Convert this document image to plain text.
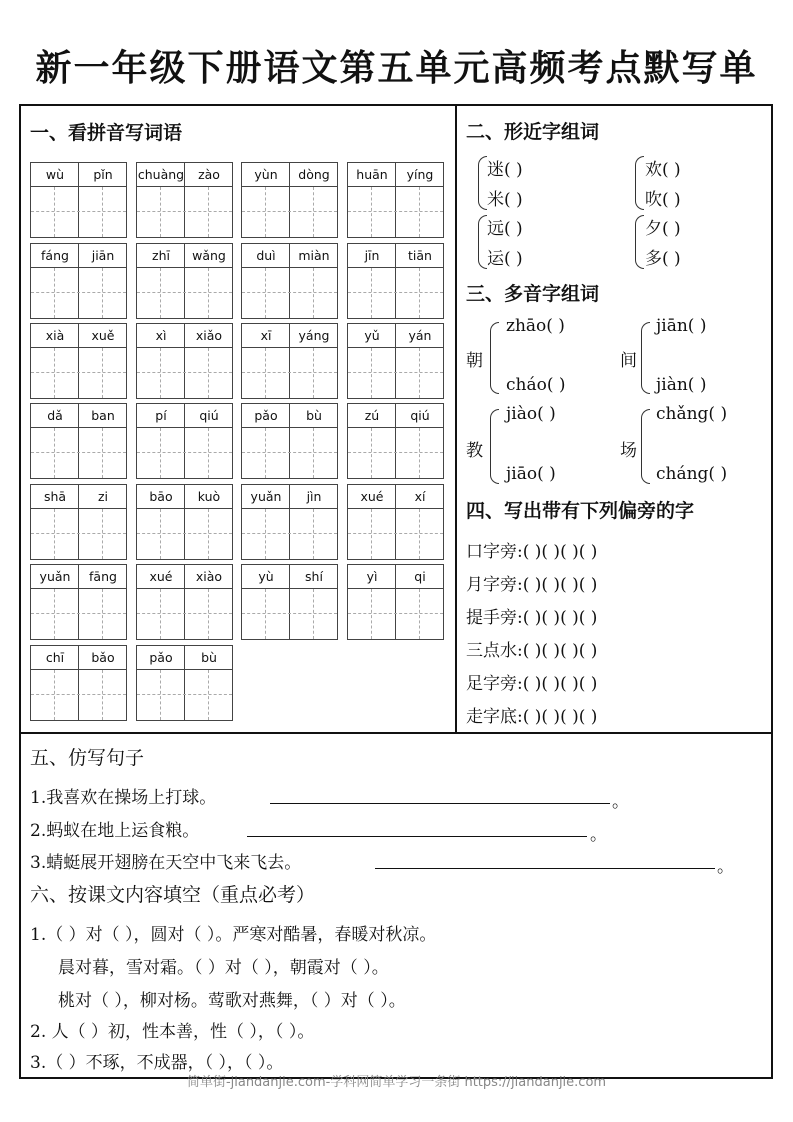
新一年级下册语文第五单元高频考点默写单
一、看拼音写词语
wù	pǐn	chuàng	zào	yùn	dòng	huān	yíng
fáng	jiān	zhī	wǎng	duì	miàn	jīn	tiān
xià	xuě	xì	xiǎo	xī	yáng	yǔ	yán
dǎ	ban	pí	qiú	pǎo	bù	zú	qiú
shā	zi	bāo	kuò	yuǎn	jìn	xué	xí
yuǎn	fāng	xué	xiào	yù	shí	yì	qi
chī	bǎo	pǎo	bù
二、形近字组词
迷( )
米( )
欢( )
吹( )
远( )
运( )
夕( )
多( )
三、多音字组词
朝
zhāo( )
cháo( )
间
jiān( )
jiàn( )
教
jiào( )
jiāo( )
场
chǎng( )
cháng( )
四、写出带有下列偏旁的字
口字旁:( )( )( )( )
月字旁:( )( )( )( )
提手旁:( )( )( )( )
三点水:( )( )( )( )
足字旁:( )( )( )( )
走字底:( )( )( )( )
五、仿写句子
1.我喜欢在操场上打球。	。
2.蚂蚁在地上运食粮。	。
3.蜻蜓展开翅膀在天空中飞来飞去。	。
六、按课文内容填空（重点必考）
1.（ ）对（ ），圆对（ ）。严寒对酷暑，春暖对秋凉。
晨对暮，雪对霜。（ ）对（ ），朝霞对（ ）。
桃对（ ），柳对杨。莺歌对燕舞，（ ）对（ ）。
2. 人（ ）初，性本善，性（ ），（ ）。
3.（ ）不琢，不成器，（ ），（ ）。
简单街-jiandanjie.com-学科网简单学习一条街 https://jiandanjie.com
